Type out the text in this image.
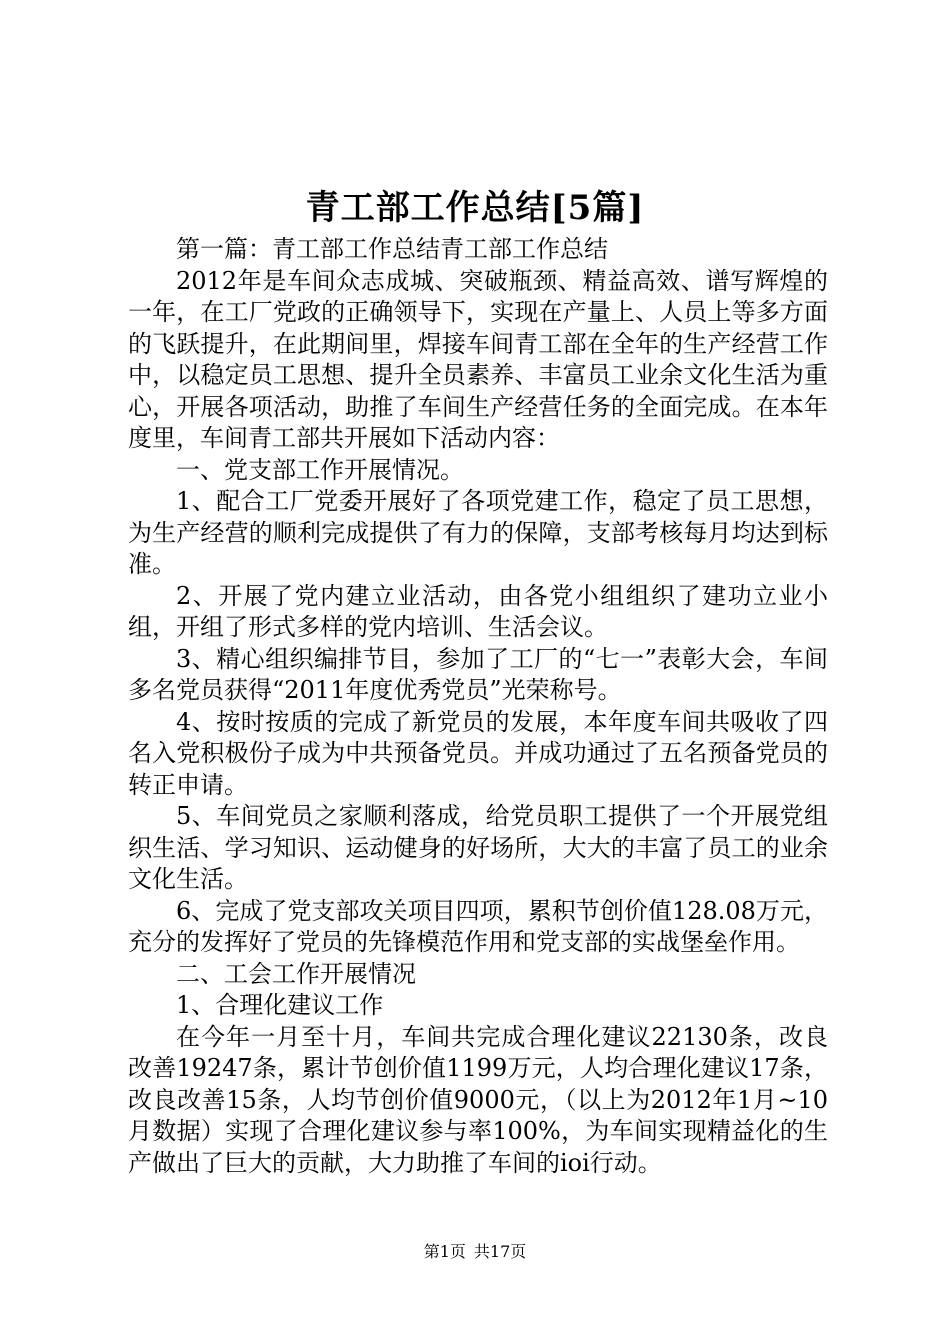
青工部工作总结[5篇]

第一篇：青工部工作总结青工部工作总结

2012年是车间众志成城、突破瓶颈、精益高效、谱写辉煌的一年，在工厂党政的正确领导下，实现在产量上、人员上等多方面的飞跃提升，在此期间里，焊接车间青工部在全年的生产经营工作中，以稳定员工思想、提升全员素养、丰富员工业余文化生活为重心，开展各项活动，助推了车间生产经营任务的全面完成。在本年度里，车间青工部共开展如下活动内容：

一、党支部工作开展情况。

1、配合工厂党委开展好了各项党建工作，稳定了员工思想，为生产经营的顺利完成提供了有力的保障，支部考核每月均达到标准。

2、开展了党内建立业活动，由各党小组组织了建功立业小组，开组了形式多样的党内培训、生活会议。

3、精心组织编排节目，参加了工厂的“七一”表彰大会，车间多名党员获得“2011年度优秀党员”光荣称号。

4、按时按质的完成了新党员的发展，本年度车间共吸收了四名入党积极份子成为中共预备党员。并成功通过了五名预备党员的转正申请。

5、车间党员之家顺利落成，给党员职工提供了一个开展党组织生活、学习知识、运动健身的好场所，大大的丰富了员工的业余文化生活。

6、完成了党支部攻关项目四项，累积节创价值128.08万元，充分的发挥好了党员的先锋模范作用和党支部的实战堡垒作用。

二、工会工作开展情况

1、合理化建议工作

在今年一月至十月，车间共完成合理化建议22130条，改良改善19247条，累计节创价值1199万元，人均合理化建议17条，改良改善15条，人均节创价值9000元，（以上为2012年1月~10月数据）实现了合理化建议参与率100%，为车间实现精益化的生产做出了巨大的贡献，大力助推了车间的ioi行动。

第1页 共17页
